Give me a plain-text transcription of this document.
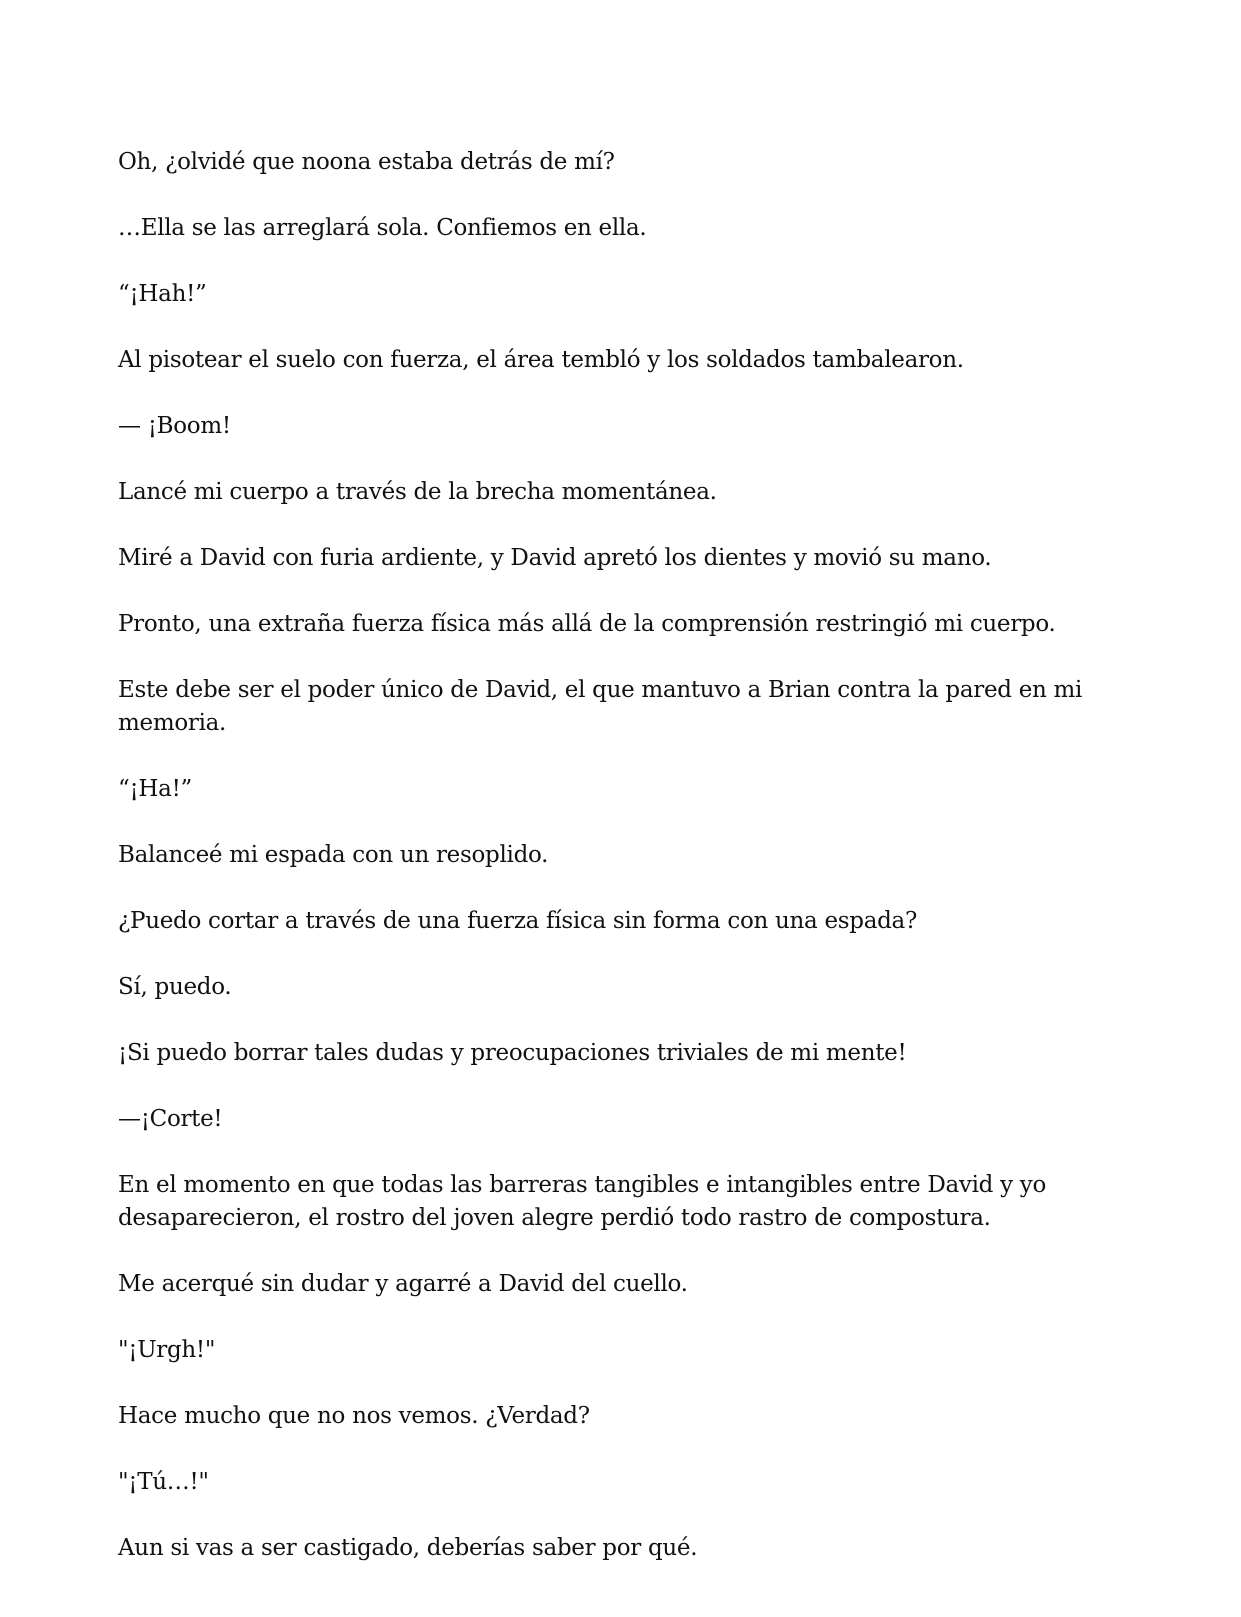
Oh, ¿olvidé que noona estaba detrás de mí?

…Ella se las arreglará sola. Confiemos en ella.

“¡Hah!”

Al pisotear el suelo con fuerza, el área tembló y los soldados tambalearon.

— ¡Boom!

Lancé mi cuerpo a través de la brecha momentánea.

Miré a David con furia ardiente, y David apretó los dientes y movió su mano.

Pronto, una extraña fuerza física más allá de la comprensión restringió mi cuerpo.

Este debe ser el poder único de David, el que mantuvo a Brian contra la pared en mi memoria.

“¡Ha!”

Balanceé mi espada con un resoplido.

¿Puedo cortar a través de una fuerza física sin forma con una espada?

Sí, puedo.

¡Si puedo borrar tales dudas y preocupaciones triviales de mi mente!

—¡Corte!

En el momento en que todas las barreras tangibles e intangibles entre David y yo desaparecieron, el rostro del joven alegre perdió todo rastro de compostura.

Me acerqué sin dudar y agarré a David del cuello.

"¡Urgh!"

Hace mucho que no nos vemos. ¿Verdad?

"¡Tú…!"

Aun si vas a ser castigado, deberías saber por qué.
